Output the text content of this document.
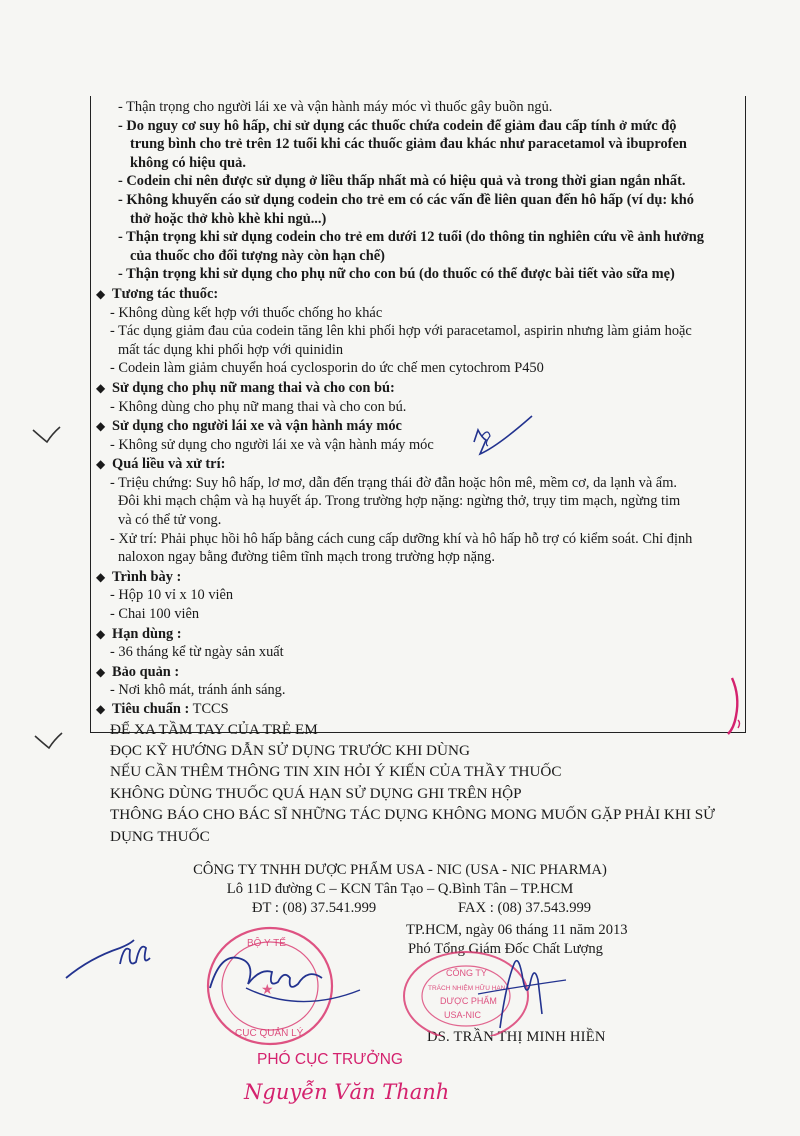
- Thận trọng cho người lái xe và vận hành máy móc vì thuốc gây buồn ngủ.
- Do nguy cơ suy hô hấp, chỉ sử dụng các thuốc chứa codein để giảm đau cấp tính ở mức độ
trung bình cho trẻ trên 12 tuổi khi các thuốc giảm đau khác như paracetamol và ibuprofen
không có hiệu quả.
- Codein chỉ nên được sử dụng ở liều thấp nhất mà có hiệu quả và trong thời gian ngắn nhất.
- Không khuyến cáo sử dụng codein cho trẻ em có các vấn đề liên quan đến hô hấp (ví dụ: khó
thở hoặc thở khò khè khi ngủ...)
- Thận trọng khi sử dụng codein cho trẻ em dưới 12 tuổi (do thông tin nghiên cứu về ảnh hưởng
của thuốc cho đối tượng này còn hạn chế)
- Thận trọng khi sử dụng cho phụ nữ cho con bú (do thuốc có thể được bài tiết vào sữa mẹ)
◆ Tương tác thuốc:
- Không dùng kết hợp với thuốc chống ho khác
- Tác dụng giảm đau của codein tăng lên khi phối hợp với paracetamol, aspirin nhưng làm giảm hoặc
mất tác dụng khi phối hợp với quinidin
- Codein làm giảm chuyển hoá cyclosporin do ức chế men cytochrom P450
◆ Sử dụng cho phụ nữ mang thai và cho con bú:
- Không dùng cho phụ nữ mang thai và cho con bú.
◆ Sử dụng cho người lái xe và vận hành máy móc
- Không sử dụng cho người lái xe và vận hành máy móc
◆ Quá liều và xử trí:
- Triệu chứng: Suy hô hấp, lơ mơ, dẫn đến trạng thái đờ đẫn hoặc hôn mê, mềm cơ, da lạnh và ẩm.
Đôi khi mạch chậm và hạ huyết áp. Trong trường hợp nặng: ngừng thở, trụy tim mạch, ngừng tim
và có thể tử vong.
- Xử trí: Phải phục hồi hô hấp bằng cách cung cấp dưỡng khí và hô hấp hỗ trợ có kiểm soát. Chỉ định
naloxon ngay bằng đường tiêm tĩnh mạch trong trường hợp nặng.
◆ Trình bày :
- Hộp 10 vỉ x 10 viên
- Chai 100 viên
◆ Hạn dùng :
- 36 tháng kể từ ngày sản xuất
◆ Bảo quản :
- Nơi khô mát, tránh ánh sáng.
◆ Tiêu chuẩn : TCCS
ĐỂ XA TẦM TAY CỦA TRẺ EM
ĐỌC KỸ HƯỚNG DẪN SỬ DỤNG TRƯỚC KHI DÙNG
NẾU CẦN THÊM THÔNG TIN XIN HỎI Ý KIẾN CỦA THẦY THUỐC
KHÔNG DÙNG THUỐC QUÁ HẠN SỬ DỤNG GHI TRÊN HỘP
THÔNG BÁO CHO BÁC SĨ NHỮNG TÁC DỤNG KHÔNG MONG MUỐN GẶP PHẢI KHI SỬ
DỤNG THUỐC
CÔNG TY TNHH DƯỢC PHẨM USA - NIC (USA - NIC PHARMA)
Lô 11D đường C – KCN Tân Tạo – Q.Bình Tân – TP.HCM
ĐT : (08) 37.541.999	FAX : (08) 37.543.999
TP.HCM, ngày 06 tháng 11 năm 2013
Phó Tổng Giám Đốc Chất Lượng
DS. TRẦN THỊ MINH HIỀN
PHÓ CỤC TRƯỞNG
Nguyễn Văn Thanh
BỘ Y TẾ
CỤC QUẢN LÝ
★
CÔNG TY
TRÁCH NHIỆM HỮU HẠN
DƯỢC PHẨM
USA-NIC
